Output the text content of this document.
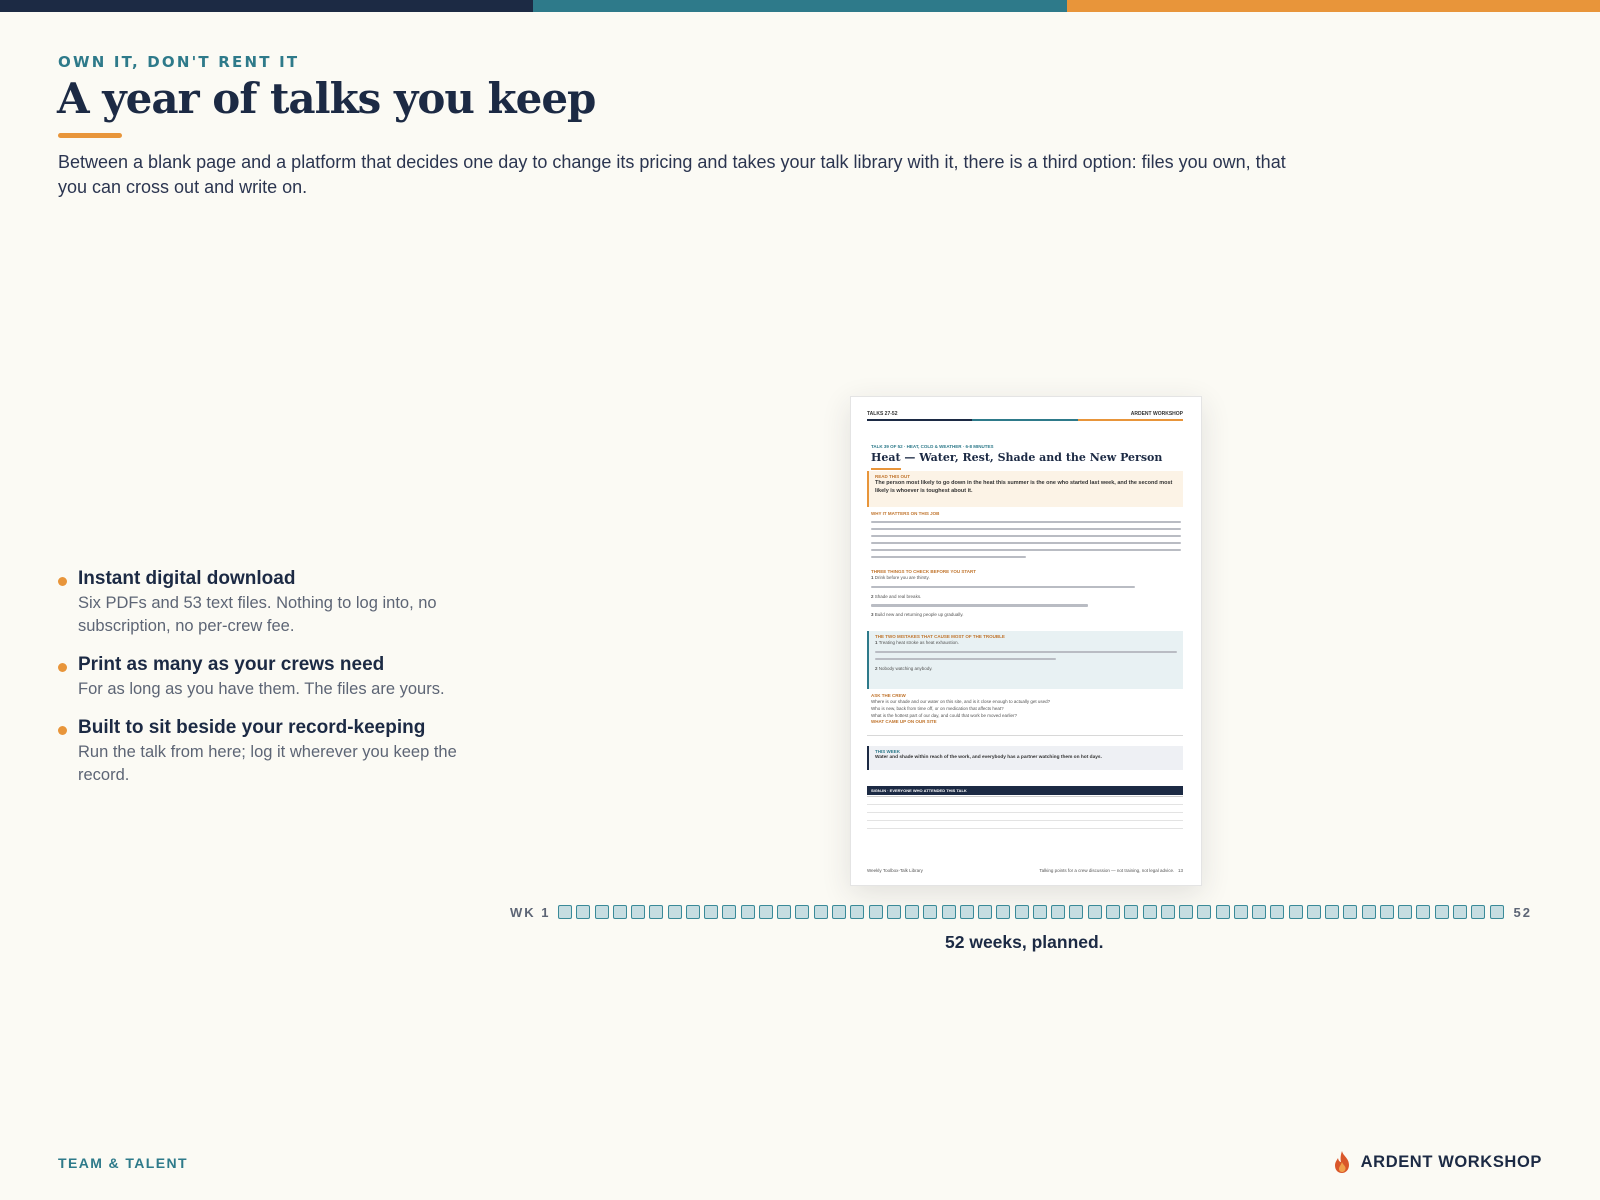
OWN IT, DON'T RENT IT
A year of talks you keep

Between a blank page and a platform that decides one day to change its pricing and takes your talk library with it, there is a third option: files you own, that you can cross out and write on.

Instant digital download
Six PDFs and 53 text files. Nothing to log into, no subscription, no per-crew fee.
Print as many as your crews need
For as long as you have them. The files are yours.
Built to sit beside your record-keeping
Run the talk from here; log it wherever you keep the record.
TALKS 27-52	ARDENT WORKSHOP
TALK 39 OF 52 · HEAT, COLD & WEATHER · 6-8 MINUTES
Heat — Water, Rest, Shade and the New Person
READ THIS OUT
The person most likely to go down in the heat this summer is the one who started last week, and the second most likely is whoever is toughest about it.
WHY IT MATTERS ON THIS JOB
THREE THINGS TO CHECK BEFORE YOU START
1 Drink before you are thirsty.
2 Shade and real breaks.
3 Build new and returning people up gradually.
THE TWO MISTAKES THAT CAUSE MOST OF THE TROUBLE
1 Treating heat stroke as heat exhaustion.
2 Nobody watching anybody.
ASK THE CREW
Where is our shade and our water on this site, and is it close enough to actually get used?
Who is new, back from time off, or on medication that affects heat?
What is the hottest part of our day, and could that work be moved earlier?
WHAT CAME UP ON OUR SITE
THIS WEEK
Water and shade within reach of the work, and everybody has a partner watching them on hot days.
SIGN-IN · EVERYONE WHO ATTENDED THIS TALK
Weekly Toolbox-Talk Library	Talking points for a crew discussion — not training, not legal advice. 13
WK 1	52
52 weeks, planned.
TEAM & TALENT	ARDENT WORKSHOP
